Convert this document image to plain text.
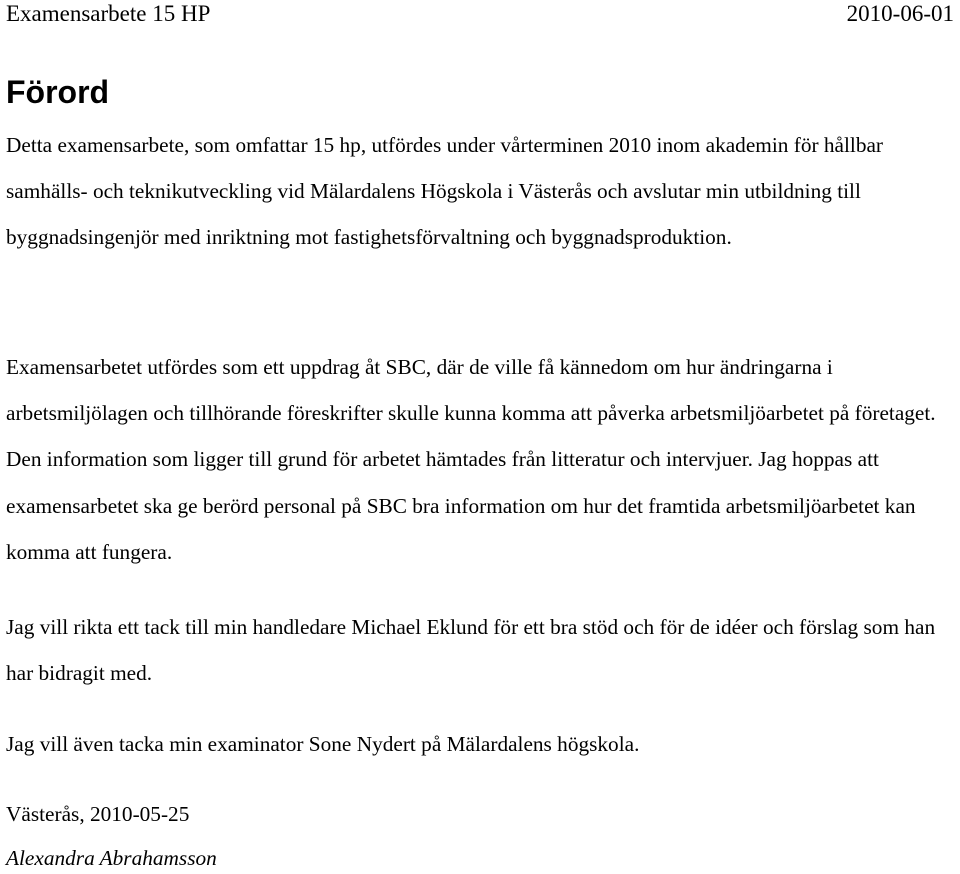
Examensarbete 15 HP	2010-06-01
Förord

Detta examensarbete, som omfattar 15 hp, utfördes under vårterminen 2010 inom akademin för hållbar samhälls- och teknikutveckling vid Mälardalens Högskola i Västerås och avslutar min utbildning till byggnadsingenjör med inriktning mot fastighetsförvaltning och byggnadsproduktion.

Examensarbetet utfördes som ett uppdrag åt SBC, där de ville få kännedom om hur ändringarna i arbetsmiljölagen och tillhörande föreskrifter skulle kunna komma att påverka arbetsmiljöarbetet på företaget. Den information som ligger till grund för arbetet hämtades från litteratur och intervjuer. Jag hoppas att examensarbetet ska ge berörd personal på SBC bra information om hur det framtida arbetsmiljöarbetet kan komma att fungera.

Jag vill rikta ett tack till min handledare Michael Eklund för ett bra stöd och för de idéer och förslag som han har bidragit med.

Jag vill även tacka min examinator Sone Nydert på Mälardalens högskola.

Västerås, 2010-05-25

Alexandra Abrahamsson
